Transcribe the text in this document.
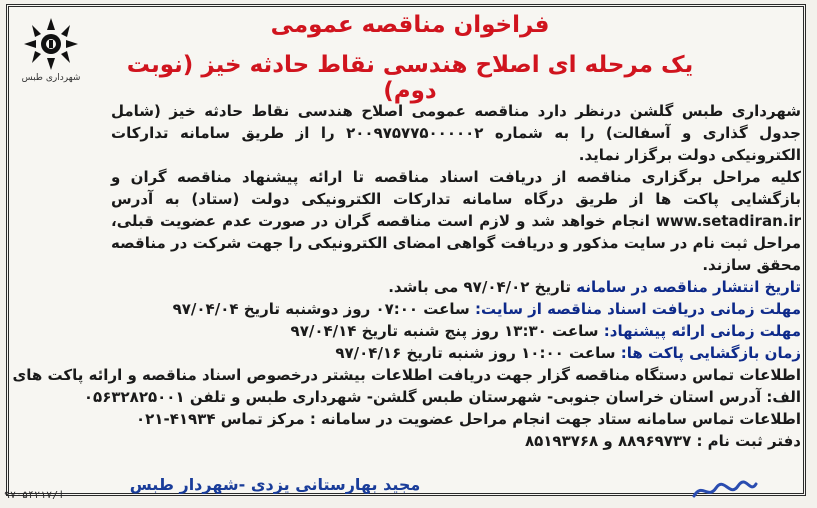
شهرداری طبس
فراخوان مناقصه عمومی
یک مرحله ای اصلاح هندسی نقاط حادثه خیز (نوبت دوم)

شهرداری طبس گلشن درنظر دارد مناقصه عمومی اصلاح هندسی نقاط حادثه خیز (شامل جدول گذاری و آسفالت) را به شماره ۲۰۰۹۷۵۷۷۵۰۰۰۰۰۲ را از طریق سامانه تدارکات الکترونیکی دولت برگزار نماید.

کلیه مراحل برگزاری مناقصه از دریافت اسناد مناقصه تا ارائه پیشنهاد مناقصه گران و بازگشایی پاکت ها از طریق درگاه سامانه تدارکات الکترونیکی دولت (ستاد) به آدرس www.setadiran.ir انجام خواهد شد و لازم است مناقصه گران در صورت عدم عضویت قبلی، مراحل ثبت نام در سایت مذکور و دریافت گواهی امضای الکترونیکی را جهت شرکت در مناقصه محقق سازند.

تاریخ انتشار مناقصه در سامانه تاریخ ۹۷/۰۴/۰۲ می باشد.
مهلت زمانی دریافت اسناد مناقصه از سایت: ساعت ۰۷:۰۰ روز دوشنبه تاریخ ۹۷/۰۴/۰۴
مهلت زمانی ارائه پیشنهاد: ساعت ۱۳:۳۰ روز پنج شنبه تاریخ ۹۷/۰۴/۱۴
زمان بازگشایی پاکت ها: ساعت ۱۰:۰۰ روز شنبه تاریخ ۹۷/۰۴/۱۶
اطلاعات تماس دستگاه مناقصه گزار جهت دریافت اطلاعات بیشتر درخصوص اسناد مناقصه و ارائه پاکت های
الف: آدرس استان خراسان جنوبی- شهرستان طبس گلشن- شهرداری طبس و تلفن ۰۵۶۳۲۸۲۵۰۰۱
اطلاعات تماس سامانه ستاد جهت انجام مراحل عضویت در سامانه : مرکز تماس ۴۱۹۳۴-۰۲۱
دفتر ثبت نام : ۸۸۹۶۹۷۳۷ و ۸۵۱۹۳۷۶۸
مجید بهارستانی یزدی -شهردار طبس
ا/۹۷۰۵۴۲۱۷
